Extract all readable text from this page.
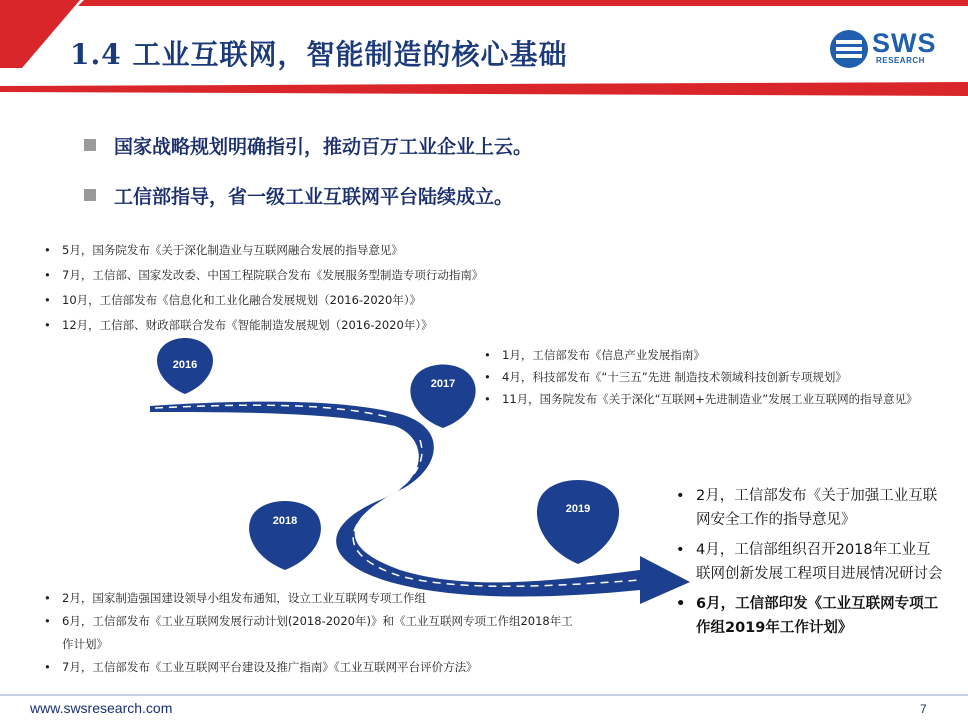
1.4 工业互联网，智能制造的核心基础	SWS
RESEARCH
国家战略规划明确指引，推动百万工业企业上云。
工信部指导，省一级工业互联网平台陆续成立。
• 5月，国务院发布《关于深化制造业与互联网融合发展的指导意见》
• 7月，工信部、国家发改委、中国工程院联合发布《发展服务型制造专项行动指南》
• 10月，工信部发布《信息化和工业化融合发展规划（2016-2020年）》
• 12月，工信部、财政部联合发布《智能制造发展规划（2016-2020年）》
2016
2017
2018
2019
• 1月，工信部发布《信息产业发展指南》
• 4月，科技部发布《“十三五”先进 制造技术领域科技创新专项规划》
• 11月，国务院发布《关于深化“互联网+先进制造业”发展工业互联网的指导意见》
• 2月，国家制造强国建设领导小组发布通知，设立工业互联网专项工作组
• 6月，工信部发布《工业互联网发展行动计划(2018-2020年)》和《工业互联网专项工作组2018年工作计划》
• 7月，工信部发布《工业互联网平台建设及推广指南》《工业互联网平台评价方法》
• 2月，工信部发布《关于加强工业互联网安全工作的指导意见》
• 4月，工信部组织召开2018年工业互联网创新发展工程项目进展情况研讨会
• 6月，工信部印发《工业互联网专项工作组2019年工作计划》
www.swsresearch.com	7
